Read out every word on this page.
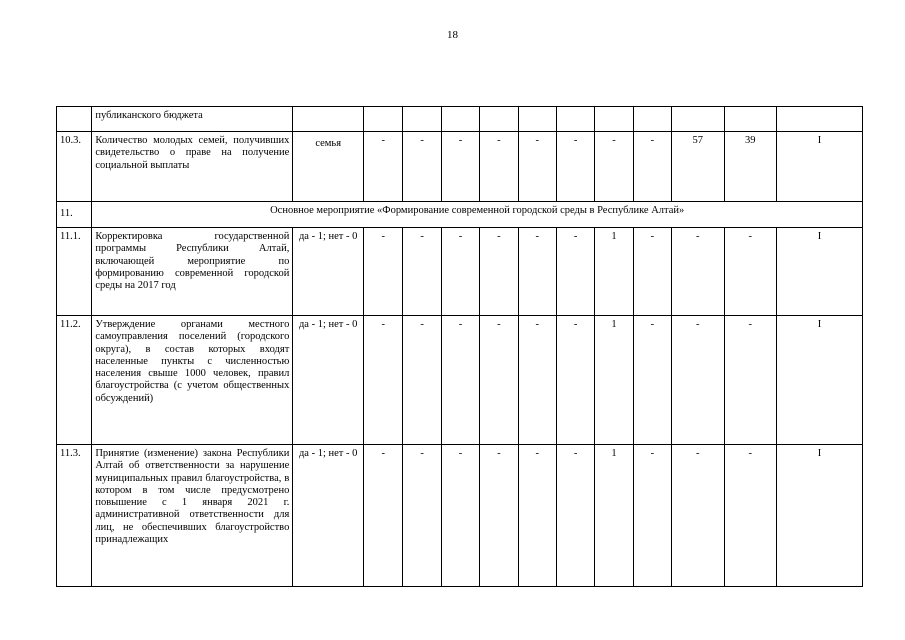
18
	публиканского бюджета												
10.3.	Количество молодых семей, получивших свидетельство о праве на получение социальной выплаты	семья	-	-	-	-	-	-	-	-	57	39	I
11.	Основное мероприятие «Формирование современной городской среды в Республике Алтай»												
11.1.	Корректировка государственной программы Республики Алтай, включающей мероприятие по формированию современной городской среды на 2017 год	да - 1; нет - 0	-	-	-	-	-	-	1	-	-	-	I
11.2.	Утверждение органами местного самоуправления поселений (городского округа), в состав которых входят населенные пункты с численностью населения свыше 1000 человек, правил благоустройства (с учетом общественных обсуждений)	да - 1; нет - 0	-	-	-	-	-	-	1	-	-	-	I
11.3.	Принятие (изменение) закона Республики Алтай об ответственности за нарушение муниципальных правил благоустройства, в котором в том числе предусмотрено повышение с 1 января 2021 г. административной ответственности для лиц, не обеспечивших благоустройство принадлежащих	да - 1; нет - 0	-	-	-	-	-	-	1	-	-	-	I
